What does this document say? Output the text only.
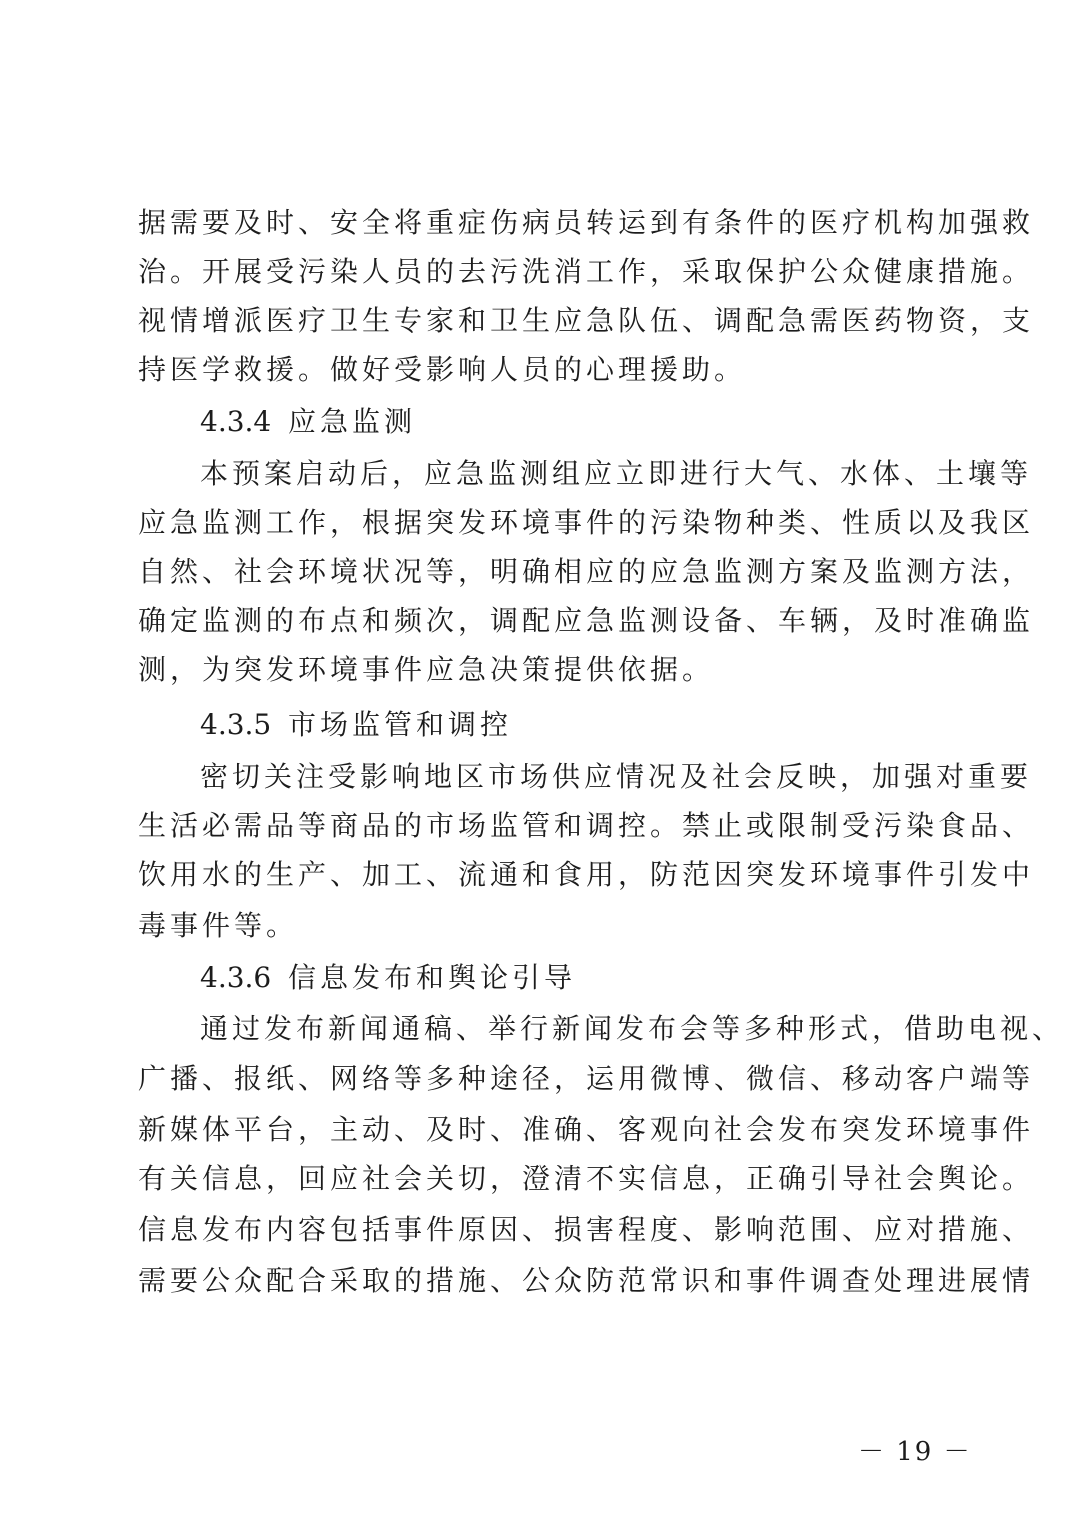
据需要及时、安全将重症伤病员转运到有条件的医疗机构加强救
治。开展受污染人员的去污洗消工作，采取保护公众健康措施。
视情增派医疗卫生专家和卫生应急队伍、调配急需医药物资，支
持医学救援。做好受影响人员的心理援助。
4.3.4 应急监测
本预案启动后，应急监测组应立即进行大气、水体、土壤等
应急监测工作，根据突发环境事件的污染物种类、性质以及我区
自然、社会环境状况等，明确相应的应急监测方案及监测方法，
确定监测的布点和频次，调配应急监测设备、车辆，及时准确监
测，为突发环境事件应急决策提供依据。
4.3.5 市场监管和调控
密切关注受影响地区市场供应情况及社会反映，加强对重要
生活必需品等商品的市场监管和调控。禁止或限制受污染食品、
饮用水的生产、加工、流通和食用，防范因突发环境事件引发中
毒事件等。
4.3.6 信息发布和舆论引导
通过发布新闻通稿、举行新闻发布会等多种形式，借助电视、
广播、报纸、网络等多种途径，运用微博、微信、移动客户端等
新媒体平台，主动、及时、准确、客观向社会发布突发环境事件
有关信息，回应社会关切，澄清不实信息，正确引导社会舆论。
信息发布内容包括事件原因、损害程度、影响范围、应对措施、
需要公众配合采取的措施、公众防范常识和事件调查处理进展情
－ 19 －
